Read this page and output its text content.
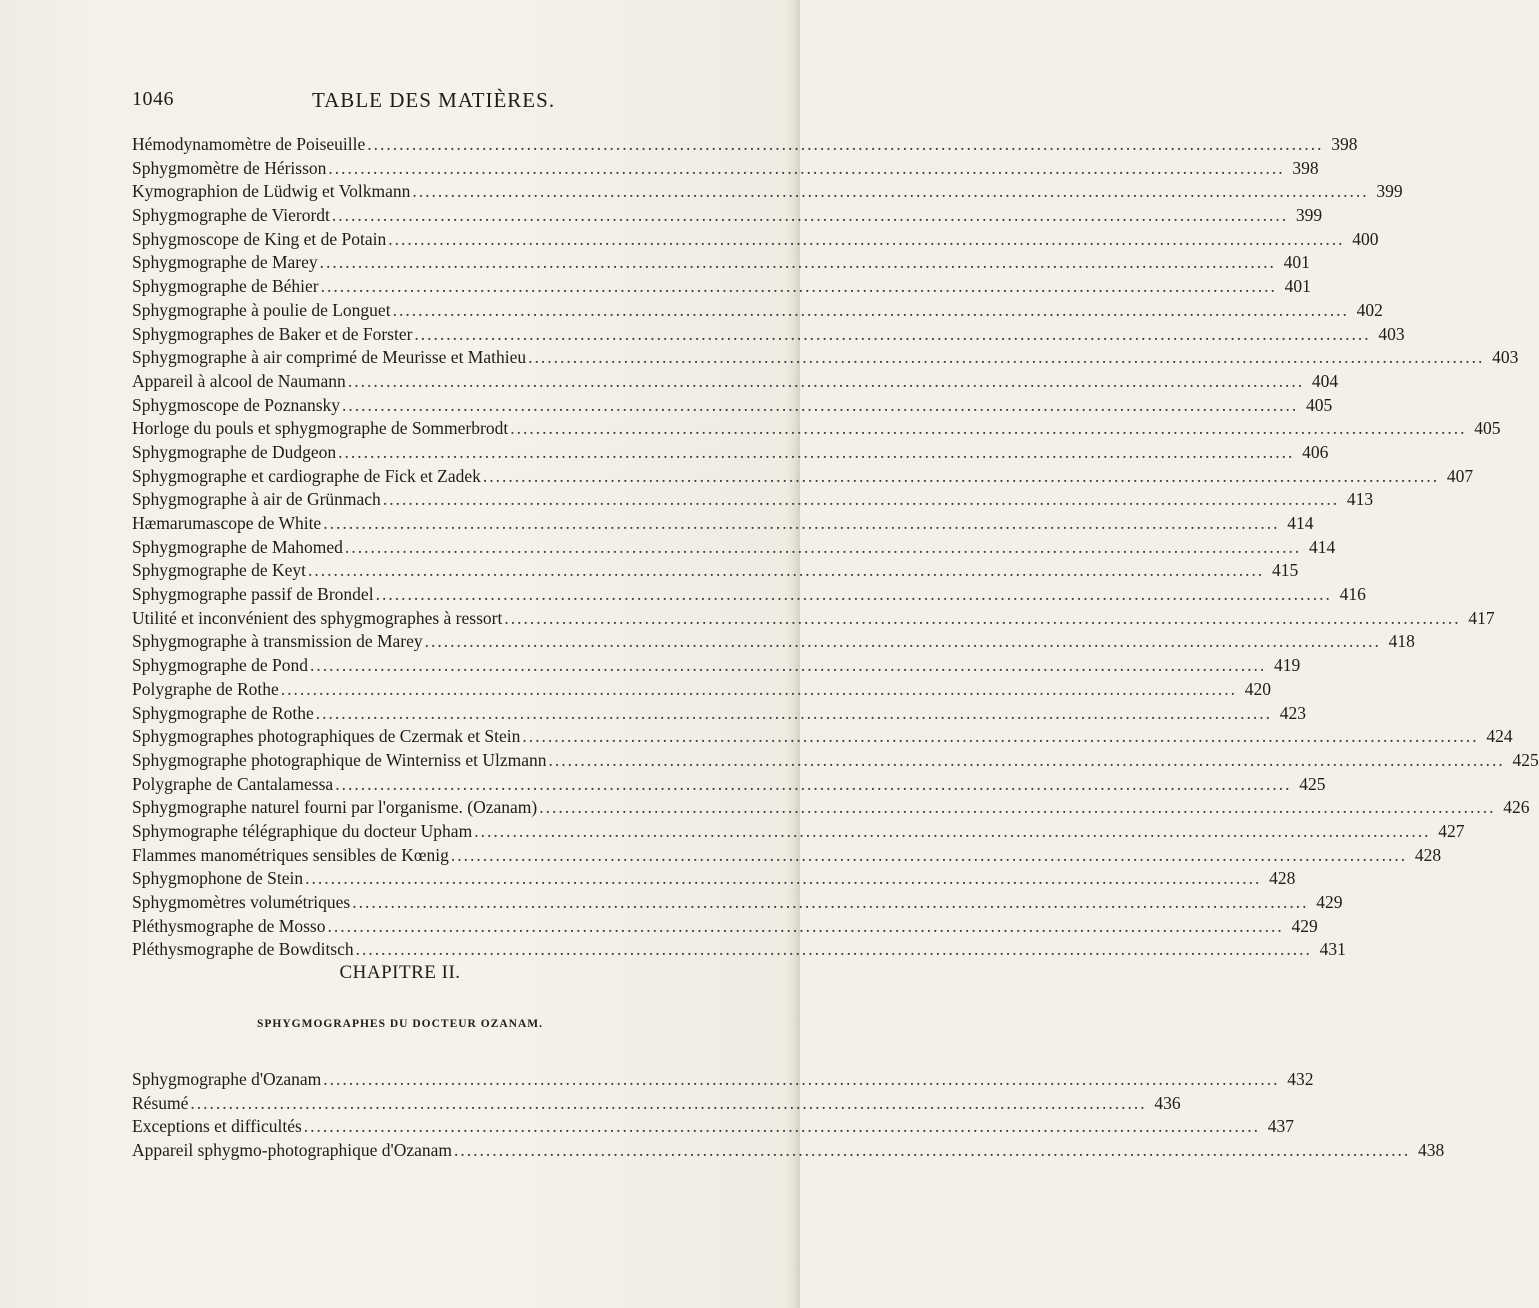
1046	TABLE DES MATIÈRES.
Hémodynamomètre de Poiseuille .....	398
Sphygmomètre de Hérisson .....	398
Kymographion de Lüdwig et Volkmann .....	399
Sphygmographe de Vierordt .....	399
Sphygmoscope de King et de Potain .....	400
Sphygmographe de Marey .....	401
Sphygmographe de Béhier .....	401
Sphygmographe à poulie de Longuet .....	402
Sphygmographes de Baker et de Forster .....	403
Sphygmographe à air comprimé de Meurisse et Mathieu .....	403
Appareil à alcool de Naumann .....	404
Sphygmoscope de Poznansky .....	405
Horloge du pouls et sphygmographe de Sommerbrodt .....	405
Sphygmographe de Dudgeon .....	406
Sphygmographe et cardiographe de Fick et Zadek .....	407
Sphygmographe à air de Grünmach .....	413
Hæmarumascope de White .....	414
Sphygmographe de Mahomed .....	414
Sphygmographe de Keyt .....	415
Sphygmographe passif de Brondel .....	416
Utilité et inconvénient des sphygmographes à ressort .....	417
Sphygmographe à transmission de Marey .....	418
Sphygmographe de Pond .....	419
Polygraphe de Rothe .....	420
Sphygmographe de Rothe .....	423
Sphygmographes photographiques de Czermak et Stein .....	424
Sphygmographe photographique de Winterniss et Ulzmann .....	425
Polygraphe de Cantalamessa .....	425
Sphygmographe naturel fourni par l'organisme. (Ozanam) .....	426
Sphymographe télégraphique du docteur Upham .....	427
Flammes manométriques sensibles de Kœnig .....	428
Sphygmophone de Stein .....	428
Sphygmomètres volumétriques .....	429
Pléthysmographe de Mosso .....	429
Pléthysmographe de Bowditsch .....	431
CHAPITRE II.
SPHYGMOGRAPHES DU DOCTEUR OZANAM.
Sphygmographe d'Ozanam .....	432
Résumé .....	436
Exceptions et difficultés .....	437
Appareil sphygmo-photographique d'Ozanam .....	438
